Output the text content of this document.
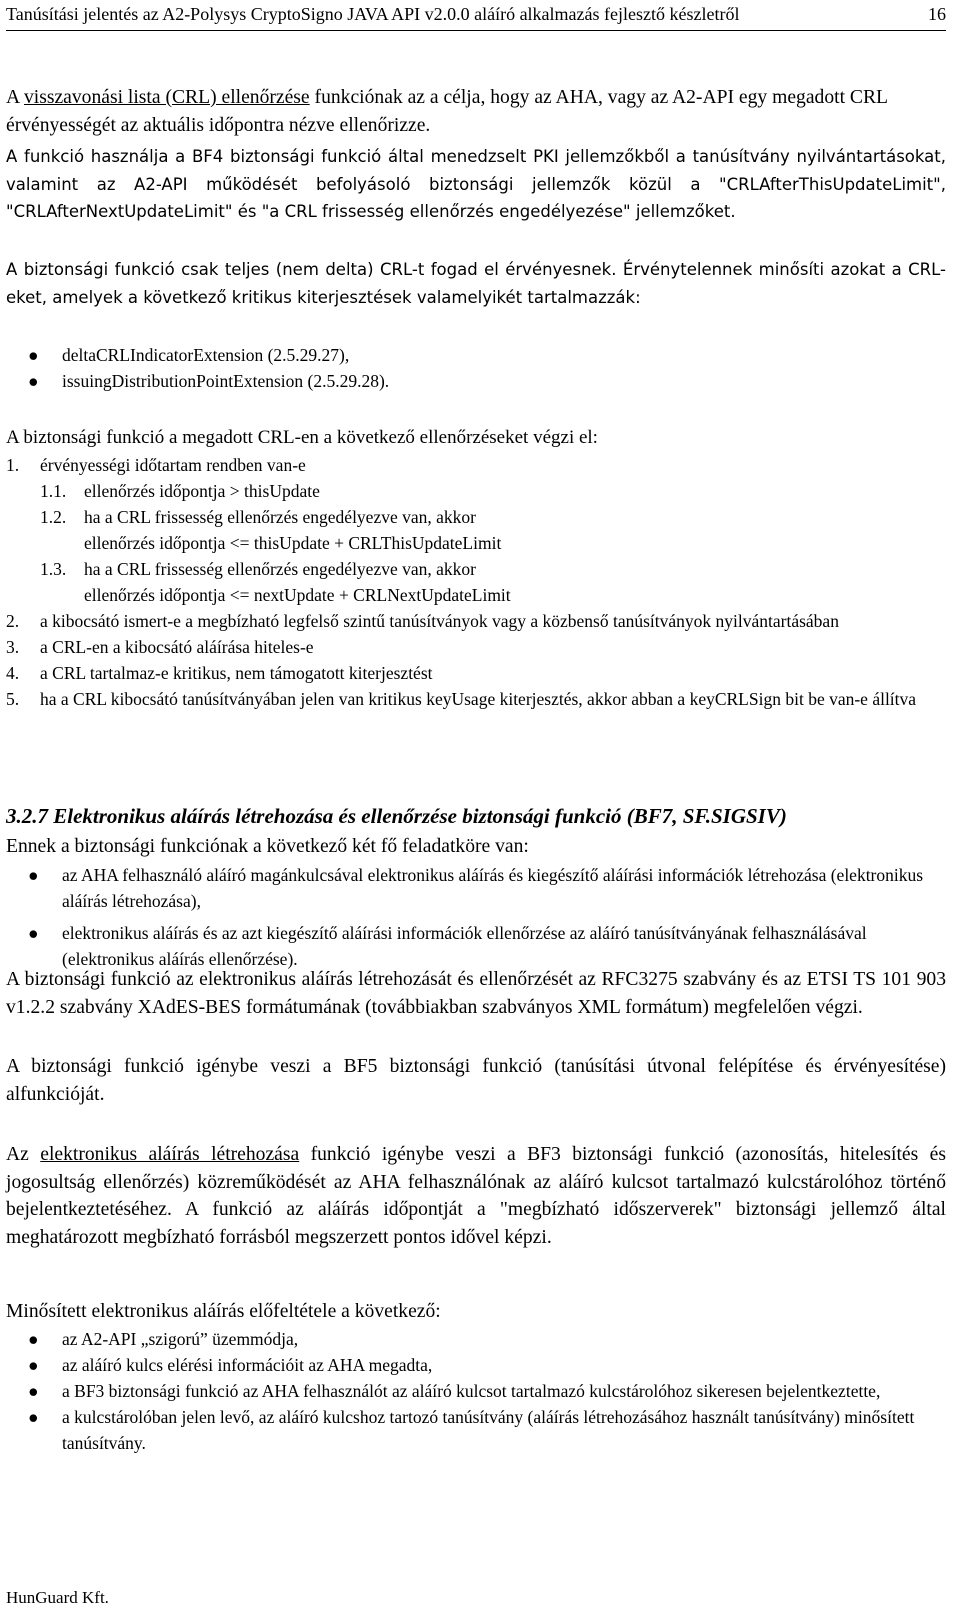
Tanúsítási jelentés az A2-Polysys CryptoSigno JAVA API v2.0.0 aláíró alkalmazás fejlesztő készletről	16

A visszavonási lista (CRL) ellenőrzése funkciónak az a célja, hogy az AHA, vagy az A2-API egy megadott CRL érvényességét az aktuális időpontra nézve ellenőrizze.

A funkció használja a BF4 biztonsági funkció által menedzselt PKI jellemzőkből a tanúsítvány nyilvántartásokat, valamint az A2-API működését befolyásoló biztonsági jellemzők közül a "CRLAfterThisUpdateLimit", "CRLAfterNextUpdateLimit" és "a CRL frissesség ellenőrzés engedélyezése" jellemzőket.

A biztonsági funkció csak teljes (nem delta) CRL-t fogad el érvényesnek. Érvénytelennek minősíti azokat a CRL-eket, amelyek a következő kritikus kiterjesztések valamelyikét tartalmazzák:

● deltaCRLIndicatorExtension (2.5.29.27),
● issuingDistributionPointExtension (2.5.29.28).

A biztonsági funkció a megadott CRL-en a következő ellenőrzéseket végzi el:

1.	érvényességi időtartam rendben van-e
1.1.	ellenőrzés időpontja > thisUpdate
1.2.	ha a CRL frissesség ellenőrzés engedélyezve van, akkor
ellenőrzés időpontja <= thisUpdate + CRLThisUpdateLimit
1.3.	ha a CRL frissesség ellenőrzés engedélyezve van, akkor
ellenőrzés időpontja <= nextUpdate + CRLNextUpdateLimit
2.	a kibocsátó ismert-e a megbízható legfelső szintű tanúsítványok vagy a közbenső tanúsítványok nyilvántartásában
3.	a CRL-en a kibocsátó aláírása hiteles-e
4.	a CRL tartalmaz-e kritikus, nem támogatott kiterjesztést
5.	ha a CRL kibocsátó tanúsítványában jelen van kritikus keyUsage kiterjesztés, akkor abban a keyCRLSign bit be van-e állítva

3.2.7 Elektronikus aláírás létrehozása és ellenőrzése biztonsági funkció (BF7, SF.SIGSIV)

Ennek a biztonsági funkciónak a következő két fő feladatköre van:

● az AHA felhasználó aláíró magánkulcsával elektronikus aláírás és kiegészítő aláírási információk létrehozása (elektronikus aláírás létrehozása),
● elektronikus aláírás és az azt kiegészítő aláírási információk ellenőrzése az aláíró tanúsítványának felhasználásával (elektronikus aláírás ellenőrzése).

A biztonsági funkció az elektronikus aláírás létrehozását és ellenőrzését az RFC3275 szabvány és az ETSI TS 101 903 v1.2.2 szabvány XAdES-BES formátumának (továbbiakban szabványos XML formátum) megfelelően végzi.

A biztonsági funkció igénybe veszi a BF5 biztonsági funkció (tanúsítási útvonal felépítése és érvényesítése) alfunkcióját.

Az elektronikus aláírás létrehozása funkció igénybe veszi a BF3 biztonsági funkció (azonosítás, hitelesítés és jogosultság ellenőrzés) közreműködését az AHA felhasználónak az aláíró kulcsot tartalmazó kulcstárolóhoz történő bejelentkeztetéséhez. A funkció az aláírás időpontját a "megbízható időszerverek" biztonsági jellemző által meghatározott megbízható forrásból megszerzett pontos idővel képzi.

Minősített elektronikus aláírás előfeltétele a következő:

● az A2-API „szigorú” üzemmódja,
● az aláíró kulcs elérési információit az AHA megadta,
● a BF3 biztonsági funkció az AHA felhasználót az aláíró kulcsot tartalmazó kulcstárolóhoz sikeresen bejelentkeztette,
● a kulcstárolóban jelen levő, az aláíró kulcshoz tartozó tanúsítvány (aláírás létrehozásához használt tanúsítvány) minősített tanúsítvány.
HunGuard Kft.
